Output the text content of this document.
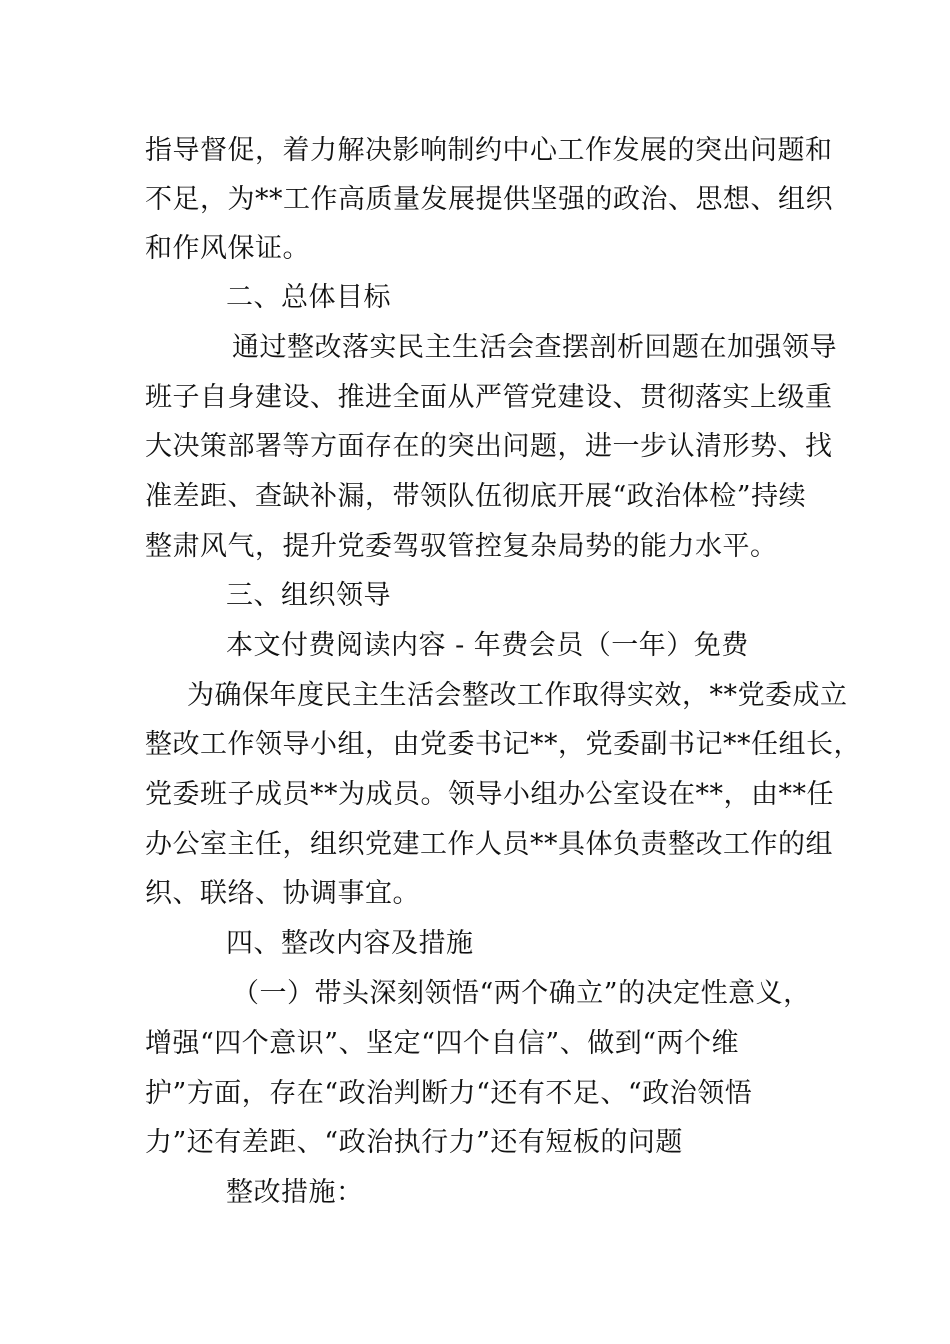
指导督促，着力解决影响制约中心工作发展的突出问题和
不足，为**工作高质量发展提供坚强的政治、思想、组织
和作风保证。
二、总体目标
通过整改落实民主生活会查摆剖析回题在加强领导
班子自身建设、推进全面从严管党建设、贯彻落实上级重
大决策部署等方面存在的突出问题，进一步认清形势、找
准差距、查缺补漏，带领队伍彻底开展“政治体检”持续
整肃风气，提升党委驾驭管控复杂局势的能力水平。
三、组织领导
本文付费阅读内容 - 年费会员（一年）免费
为确保年度民主生活会整改工作取得实效，**党委成立
整改工作领导小组，由党委书记**，党委副书记**任组长，
党委班子成员**为成员。领导小组办公室设在**，由**任
办公室主任，组织党建工作人员**具体负责整改工作的组
织、联络、协调事宜。
四、整改内容及措施
（一）带头深刻领悟“两个确立”的决定性意义，
增强“四个意识”、坚定“四个自信”、做到“两个维
护”方面，存在“政治判断力“还有不足、“政治领悟
力”还有差距、“政治执行力”还有短板的问题
整改措施：
